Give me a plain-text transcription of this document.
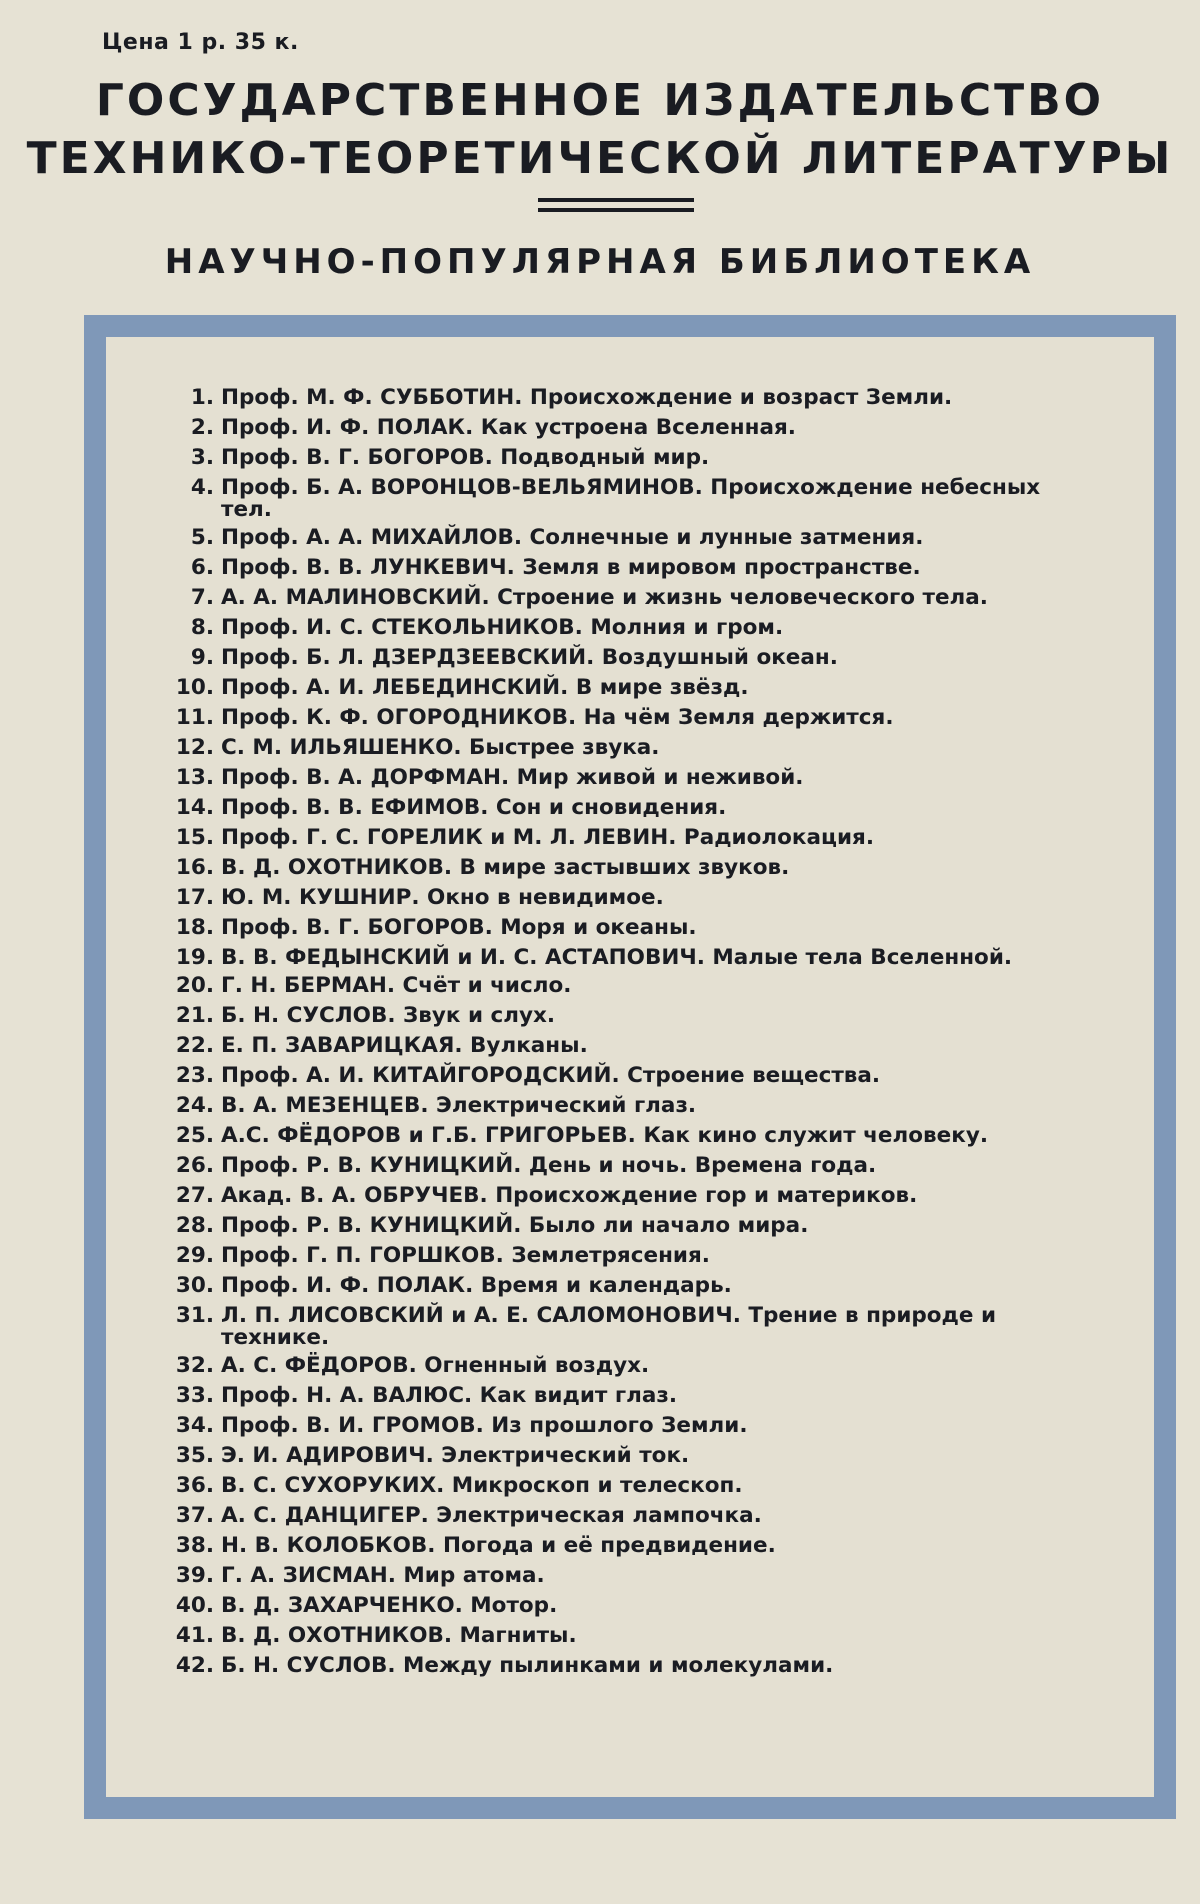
Цена 1 р. 35 к.
ГОСУДАРСТВЕННОЕ ИЗДАТЕЛЬСТВО
ТЕХНИКО-ТЕОРЕТИЧЕСКОЙ ЛИТЕРАТУРЫ
НАУЧНО-ПОПУЛЯРНАЯ БИБЛИОТЕКА
1. Проф. М. Ф. СУББОТИН. Происхождение и возраст Земли.
2. Проф. И. Ф. ПОЛАК. Как устроена Вселенная.
3. Проф. В. Г. БОГОРОВ. Подводный мир.
4. Проф. Б. А. ВОРОНЦОВ-ВЕЛЬЯМИНОВ. Происхождение небесных тел.
5. Проф. А. А. МИХАЙЛОВ. Солнечные и лунные затмения.
6. Проф. В. В. ЛУНКЕВИЧ. Земля в мировом пространстве.
7. А. А. МАЛИНОВСКИЙ. Строение и жизнь человеческого тела.
8. Проф. И. С. СТЕКОЛЬНИКОВ. Молния и гром.
9. Проф. Б. Л. ДЗЕРДЗЕЕВСКИЙ. Воздушный океан.
10. Проф. А. И. ЛЕБЕДИНСКИЙ. В мире звёзд.
11. Проф. К. Ф. ОГОРОДНИКОВ. На чём Земля держится.
12. С. М. ИЛЬЯШЕНКО. Быстрее звука.
13. Проф. В. А. ДОРФМАН. Мир живой и неживой.
14. Проф. В. В. ЕФИМОВ. Сон и сновидения.
15. Проф. Г. С. ГОРЕЛИК и М. Л. ЛЕВИН. Радиолокация.
16. В. Д. ОХОТНИКОВ. В мире застывших звуков.
17. Ю. М. КУШНИР. Окно в невидимое.
18. Проф. В. Г. БОГОРОВ. Моря и океаны.
19. В. В. ФЕДЫНСКИЙ и И. С. АСТАПОВИЧ. Малые тела Вселенной.
20. Г. Н. БЕРМАН. Счёт и число.
21. Б. Н. СУСЛОВ. Звук и слух.
22. Е. П. ЗАВАРИЦКАЯ. Вулканы.
23. Проф. А. И. КИТАЙГОРОДСКИЙ. Строение вещества.
24. В. А. МЕЗЕНЦЕВ. Электрический глаз.
25. А.С. ФЁДОРОВ и Г.Б. ГРИГОРЬЕВ. Как кино служит человеку.
26. Проф. Р. В. КУНИЦКИЙ. День и ночь. Времена года.
27. Акад. В. А. ОБРУЧЕВ. Происхождение гор и материков.
28. Проф. Р. В. КУНИЦКИЙ. Было ли начало мира.
29. Проф. Г. П. ГОРШКОВ. Землетрясения.
30. Проф. И. Ф. ПОЛАК. Время и календарь.
31. Л. П. ЛИСОВСКИЙ и А. Е. САЛОМОНОВИЧ. Трение в природе и технике.
32. А. С. ФЁДОРОВ. Огненный воздух.
33. Проф. Н. А. ВАЛЮС. Как видит глаз.
34. Проф. В. И. ГРОМОВ. Из прошлого Земли.
35. Э. И. АДИРОВИЧ. Электрический ток.
36. В. С. СУХОРУКИХ. Микроскоп и телескоп.
37. А. С. ДАНЦИГЕР. Электрическая лампочка.
38. Н. В. КОЛОБКОВ. Погода и её предвидение.
39. Г. А. ЗИСМАН. Мир атома.
40. В. Д. ЗАХАРЧЕНКО. Мотор.
41. В. Д. ОХОТНИКОВ. Магниты.
42. Б. Н. СУСЛОВ. Между пылинками и молекулами.
